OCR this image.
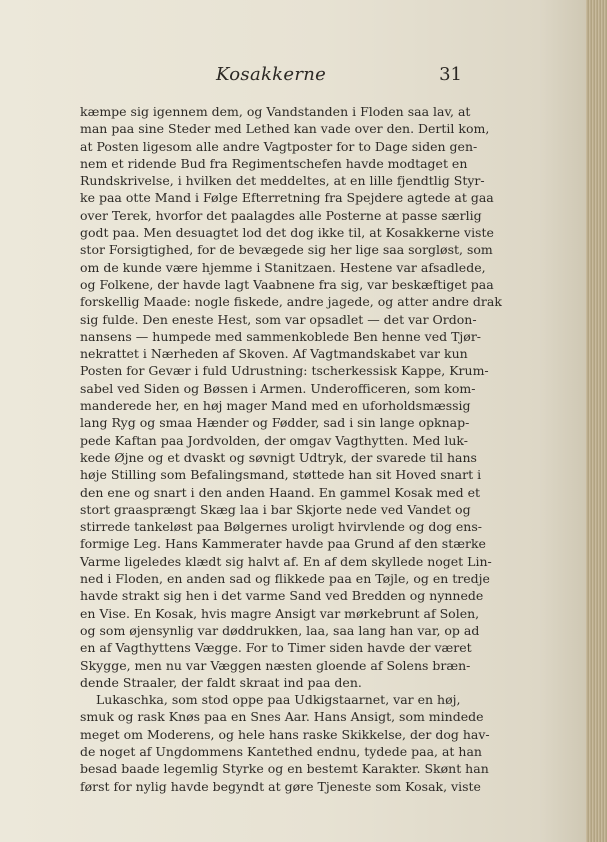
Kosakkerne	31
kæmpe sig igennem dem, og Vandstanden i Floden saa lav, at
man paa sine Steder med Lethed kan vade over den. Dertil kom,
at Posten ligesom alle andre Vagtposter for to Dage siden gen-
nem et ridende Bud fra Regimentschefen havde modtaget en
Rundskrivelse, i hvilken det meddeltes, at en lille fjendtlig Styr-
ke paa otte Mand i Følge Efterretning fra Spejdere agtede at gaa
over Terek, hvorfor det paalagdes alle Posterne at passe særlig
godt paa. Men desuagtet lod det dog ikke til, at Kosakkerne viste
stor Forsigtighed, for de bevægede sig her lige saa sorgløst, som
om de kunde være hjemme i Stanitzaen. Hestene var afsadlede,
og Folkene, der havde lagt Vaabnene fra sig, var beskæftiget paa
forskellig Maade: nogle fiskede, andre jagede, og atter andre drak
sig fulde. Den eneste Hest, som var opsadlet — det var Ordon-
nansens — humpede med sammenkoblede Ben henne ved Tjør-
nekrattet i Nærheden af Skoven. Af Vagtmandskabet var kun
Posten for Gevær i fuld Udrustning: tscherkessisk Kappe, Krum-
sabel ved Siden og Bøssen i Armen. Underofficeren, som kom-
manderede her, en høj mager Mand med en uforholdsmæssig
lang Ryg og smaa Hænder og Fødder, sad i sin lange opknap-
pede Kaftan paa Jordvolden, der omgav Vagthytten. Med luk-
kede Øjne og et dvaskt og søvnigt Udtryk, der svarede til hans
høje Stilling som Befalingsmand, støttede han sit Hoved snart i
den ene og snart i den anden Haand. En gammel Kosak med et
stort graasprængt Skæg laa i bar Skjorte nede ved Vandet og
stirrede tankeløst paa Bølgernes uroligt hvirvlende og dog ens-
formige Leg. Hans Kammerater havde paa Grund af den stærke
Varme ligeledes klædt sig halvt af. En af dem skyllede noget Lin-
ned i Floden, en anden sad og flikkede paa en Tøjle, og en tredje
havde strakt sig hen i det varme Sand ved Bredden og nynnede
en Vise. En Kosak, hvis magre Ansigt var mørkebrunt af Solen,
og som øjensynlig var døddrukken, laa, saa lang han var, op ad
en af Vagthyttens Vægge. For to Timer siden havde der været
Skygge, men nu var Væggen næsten gloende af Solens bræn-
dende Straaler, der faldt skraat ind paa den.
Lukaschka, som stod oppe paa Udkigstaarnet, var en høj,
smuk og rask Knøs paa en Snes Aar. Hans Ansigt, som mindede
meget om Moderens, og hele hans raske Skikkelse, der dog hav-
de noget af Ungdommens Kantethed endnu, tydede paa, at han
besad baade legemlig Styrke og en bestemt Karakter. Skønt han
først for nylig havde begyndt at gøre Tjeneste som Kosak, viste
